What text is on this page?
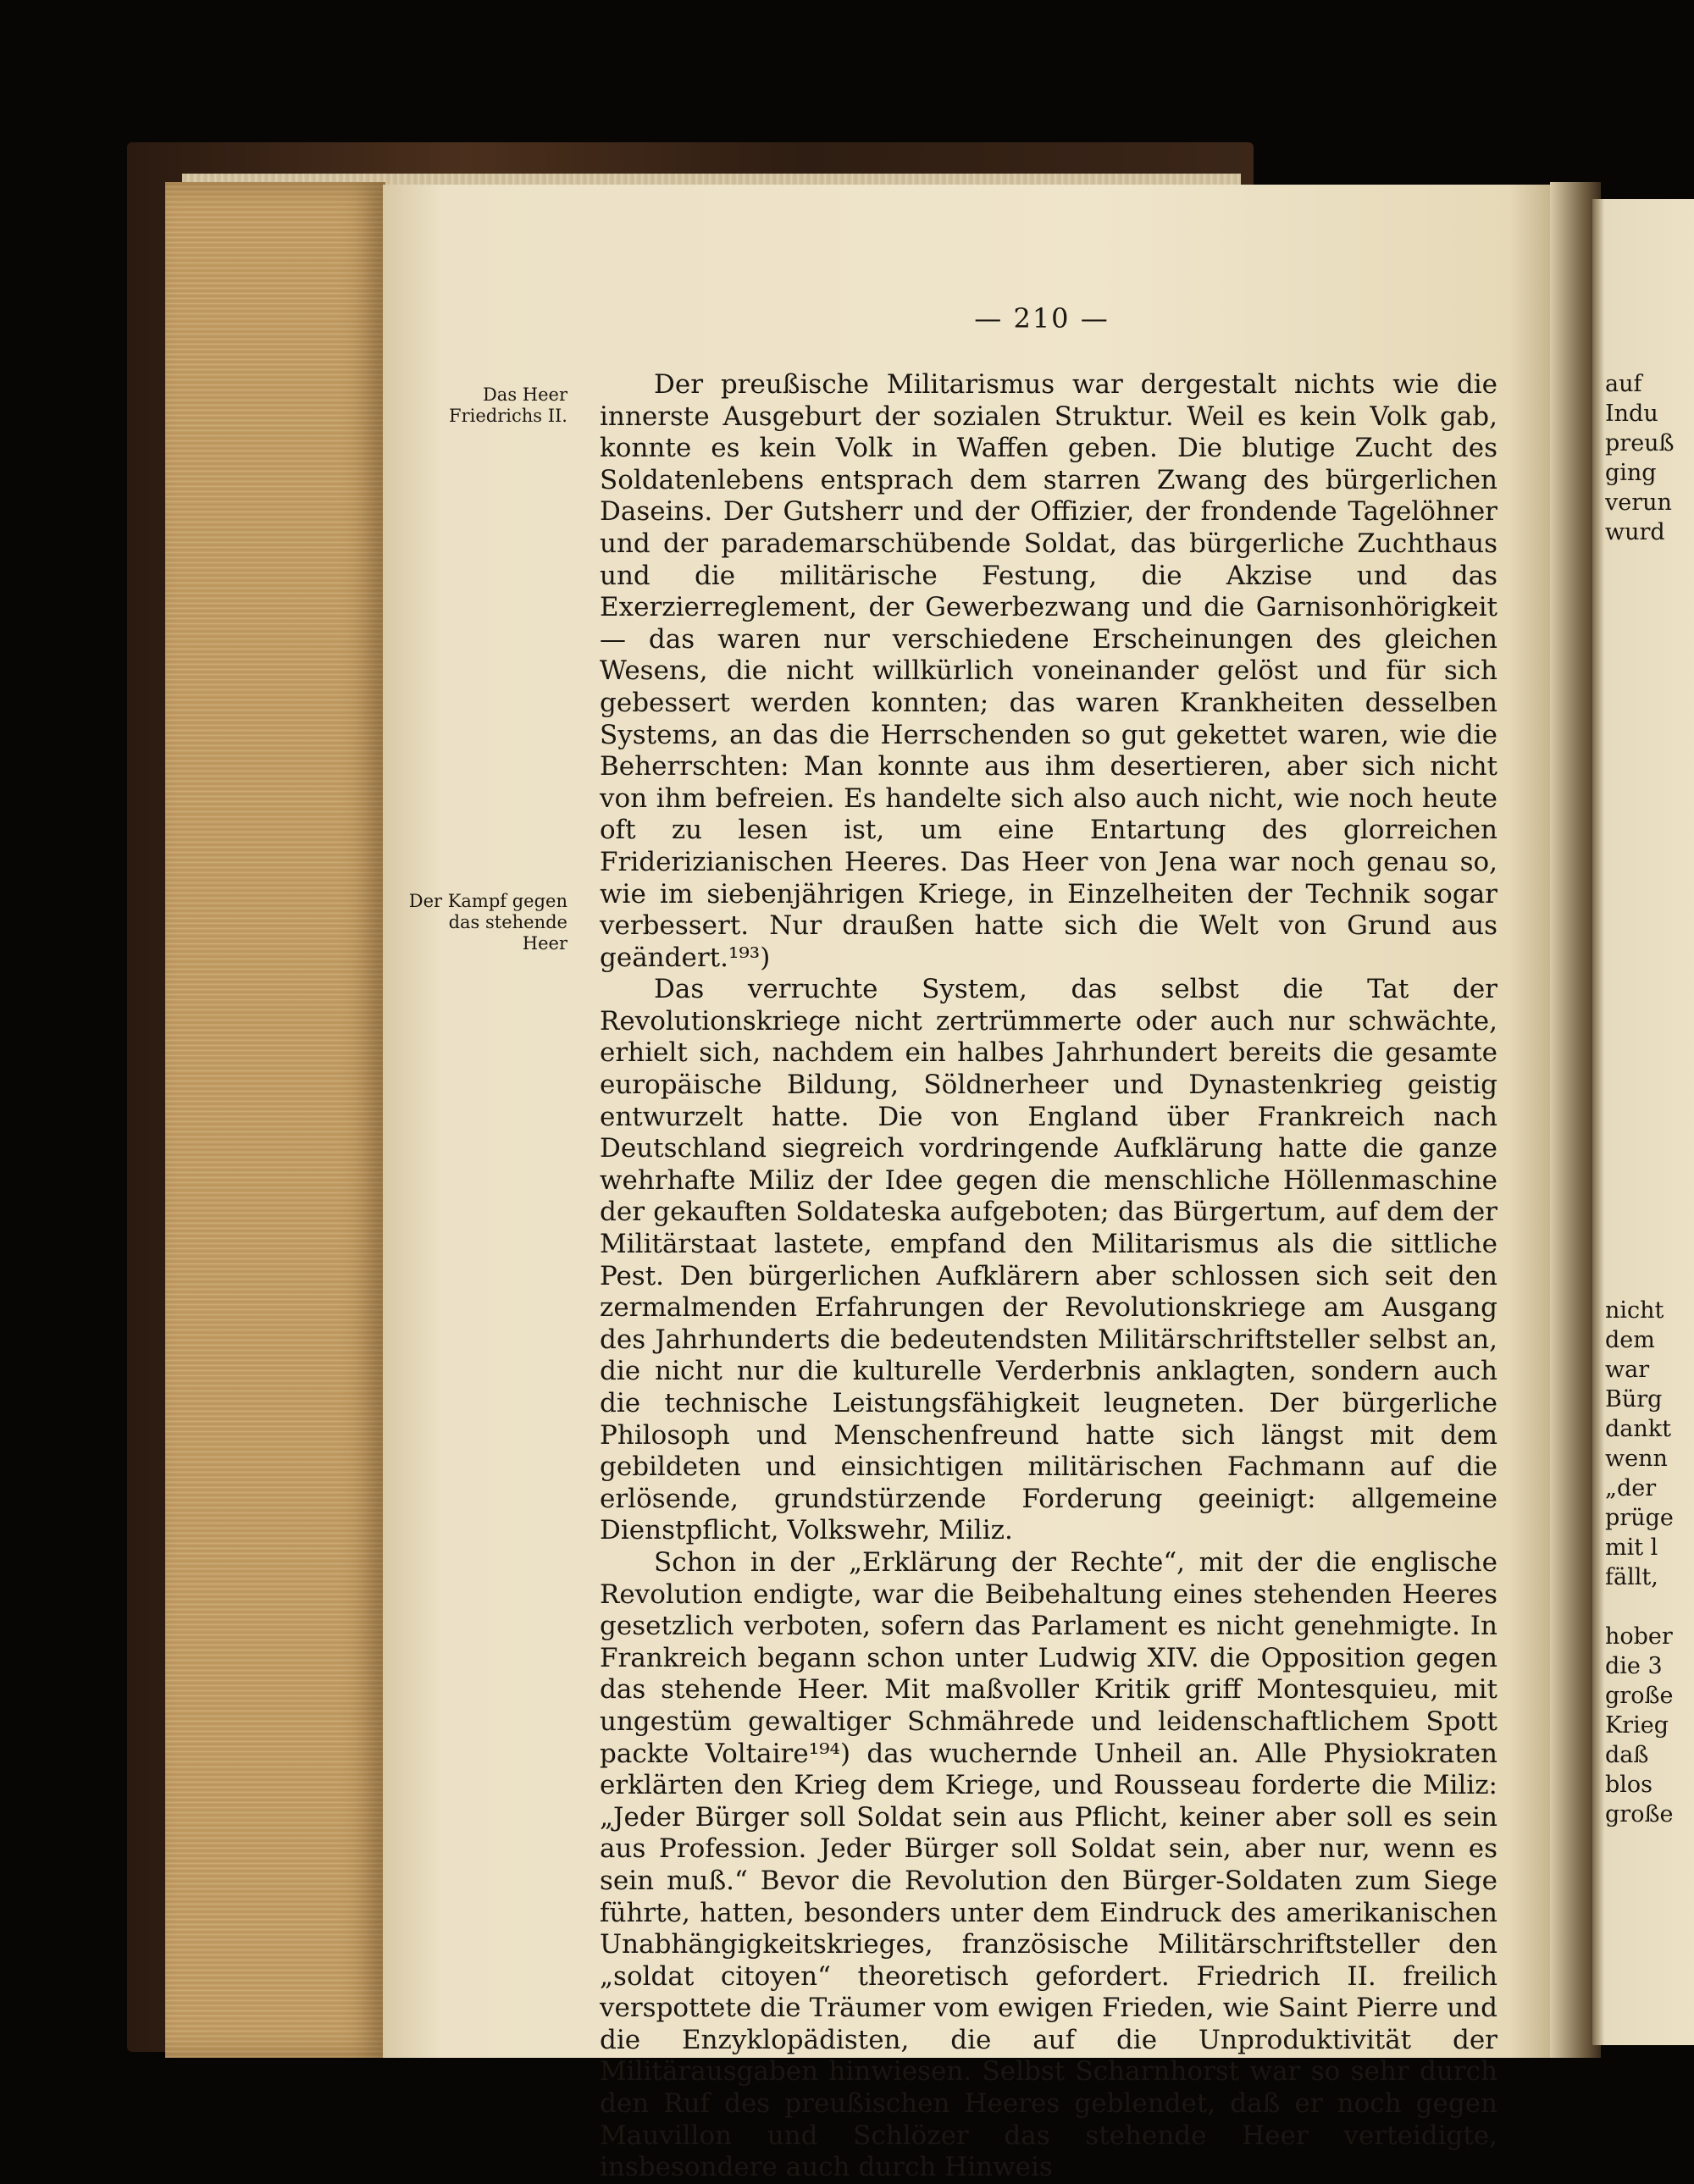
— 210 —
Das Heer Friedrichs II.
Der Kampf gegen das stehende Heer

Der preußische Militarismus war dergestalt nichts wie die innerste Ausgeburt der sozialen Struktur. Weil es kein Volk gab, konnte es kein Volk in Waffen geben. Die blutige Zucht des Soldatenlebens entsprach dem starren Zwang des bürgerlichen Daseins. Der Gutsherr und der Offizier, der frondende Tagelöhner und der parademarschübende Soldat, das bürgerliche Zuchthaus und die militärische Festung, die Akzise und das Exerzierreglement, der Gewerbezwang und die Garnisonhörigkeit — das waren nur verschiedene Erscheinungen des gleichen Wesens, die nicht willkürlich voneinander gelöst und für sich gebessert werden konnten; das waren Krankheiten desselben Systems, an das die Herrschenden so gut gekettet waren, wie die Beherrschten: Man konnte aus ihm desertieren, aber sich nicht von ihm befreien. Es handelte sich also auch nicht, wie noch heute oft zu lesen ist, um eine Entartung des glorreichen Friderizianischen Heeres. Das Heer von Jena war noch genau so, wie im siebenjährigen Kriege, in Einzelheiten der Technik sogar verbessert. Nur draußen hatte sich die Welt von Grund aus geändert.¹⁹³)

Das verruchte System, das selbst die Tat der Revolutionskriege nicht zertrümmerte oder auch nur schwächte, erhielt sich, nachdem ein halbes Jahrhundert bereits die gesamte europäische Bildung, Söldnerheer und Dynastenkrieg geistig entwurzelt hatte. Die von England über Frankreich nach Deutschland siegreich vordringende Aufklärung hatte die ganze wehrhafte Miliz der Idee gegen die menschliche Höllenmaschine der gekauften Soldateska aufgeboten; das Bürgertum, auf dem der Militärstaat lastete, empfand den Militarismus als die sittliche Pest. Den bürgerlichen Aufklärern aber schlossen sich seit den zermalmenden Erfahrungen der Revolutionskriege am Ausgang des Jahrhunderts die bedeutendsten Militärschriftsteller selbst an, die nicht nur die kulturelle Verderbnis anklagten, sondern auch die technische Leistungsfähigkeit leugneten. Der bürgerliche Philosoph und Menschenfreund hatte sich längst mit dem gebildeten und einsichtigen militärischen Fachmann auf die erlösende, grundstürzende Forderung geeinigt: allgemeine Dienstpflicht, Volkswehr, Miliz.

Schon in der „Erklärung der Rechte“, mit der die englische Revolution endigte, war die Beibehaltung eines stehenden Heeres gesetzlich verboten, sofern das Parlament es nicht genehmigte. In Frankreich begann schon unter Ludwig XIV. die Opposition gegen das stehende Heer. Mit maßvoller Kritik griff Montesquieu, mit ungestüm gewaltiger Schmährede und leidenschaftlichem Spott packte Voltaire¹⁹⁴) das wuchernde Unheil an. Alle Physiokraten erklärten den Krieg dem Kriege, und Rousseau forderte die Miliz: „Jeder Bürger soll Soldat sein aus Pflicht, keiner aber soll es sein aus Profession. Jeder Bürger soll Soldat sein, aber nur, wenn es sein muß.“ Bevor die Revolution den Bürger-Soldaten zum Siege führte, hatten, besonders unter dem Eindruck des amerikanischen Unabhängigkeitskrieges, französische Militärschriftsteller den „soldat citoyen“ theoretisch gefordert. Friedrich II. freilich verspottete die Träumer vom ewigen Frieden, wie Saint Pierre und die Enzyklopädisten, die auf die Unproduktivität der Militärausgaben hinwiesen. Selbst Scharnhorst war so sehr durch den Ruf des preußischen Heeres geblendet, daß er noch gegen Mauvillon und Schlözer das stehende Heer verteidigte, insbesondere auch durch Hinweis

auf
Indu
preuß
ging
verun
wurd
nicht
dem
war
Bürg
dankt
wenn
„der
prüge
mit l
fällt,
hober
die 3
große
Krieg
daß
blos
große
